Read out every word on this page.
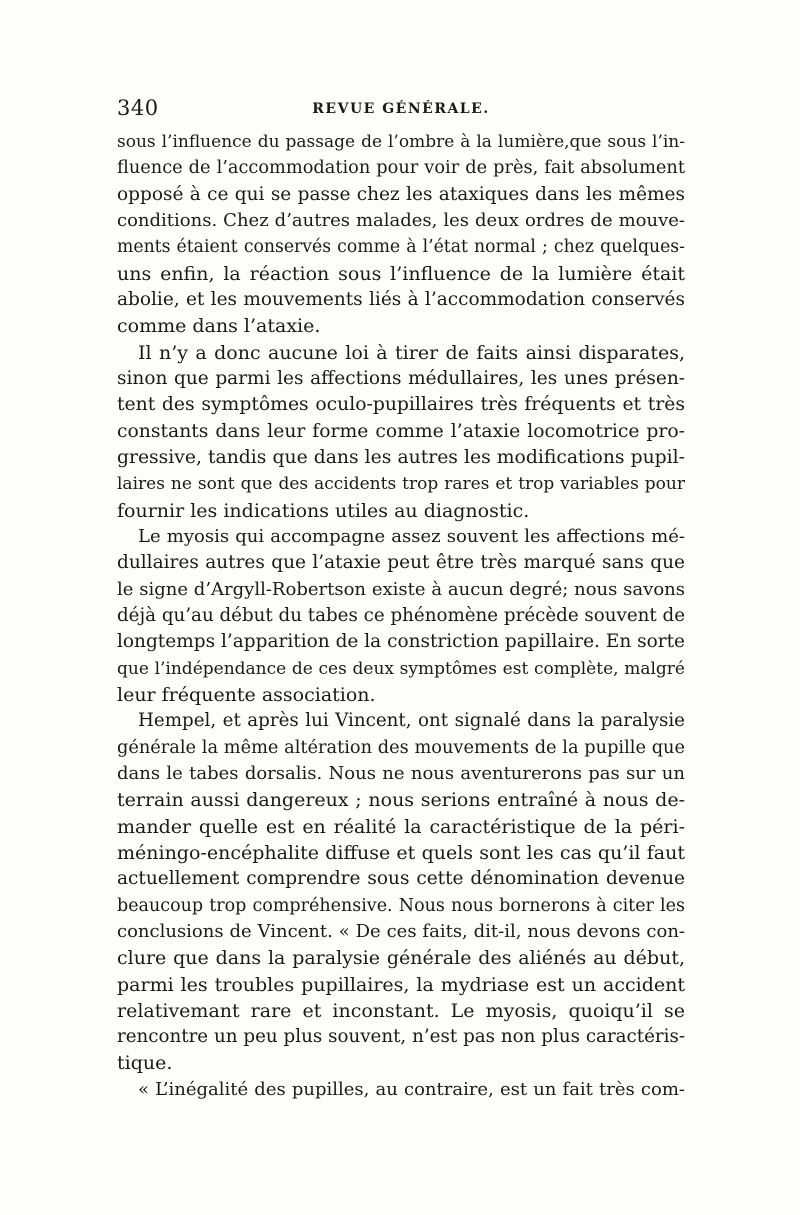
340	REVUE GÉNÉRALE.
sous l’influence du passage de l’ombre à la lumière,que sous l’in-
fluence de l’accommodation pour voir de près, fait absolument
opposé à ce qui se passe chez les ataxiques dans les mêmes
conditions. Chez d’autres malades, les deux ordres de mouve-
ments étaient conservés comme à l’état normal ; chez quelques-
uns enfin, la réaction sous l’influence de la lumière était
abolie, et les mouvements liés à l’accommodation conservés
comme dans l’ataxie.
Il n’y a donc aucune loi à tirer de faits ainsi disparates,
sinon que parmi les affections médullaires, les unes présen-
tent des symptômes oculo-pupillaires très fréquents et très
constants dans leur forme comme l’ataxie locomotrice pro-
gressive, tandis que dans les autres les modifications pupil-
laires ne sont que des accidents trop rares et trop variables pour
fournir les indications utiles au diagnostic.
Le myosis qui accompagne assez souvent les affections mé-
dullaires autres que l’ataxie peut être très marqué sans que
le signe d’Argyll-Robertson existe à aucun degré; nous savons
déjà qu’au début du tabes ce phénomène précède souvent de
longtemps l’apparition de la constriction papillaire. En sorte
que l’indépendance de ces deux symptômes est complète, malgré
leur fréquente association.
Hempel, et après lui Vincent, ont signalé dans la paralysie
générale la même altération des mouvements de la pupille que
dans le tabes dorsalis. Nous ne nous aventurerons pas sur un
terrain aussi dangereux ; nous serions entraîné à nous de-
mander quelle est en réalité la caractéristique de la péri-
méningo-encéphalite diffuse et quels sont les cas qu’il faut
actuellement comprendre sous cette dénomination devenue
beaucoup trop compréhensive. Nous nous bornerons à citer les
conclusions de Vincent. « De ces faits, dit-il, nous devons con-
clure que dans la paralysie générale des aliénés au début,
parmi les troubles pupillaires, la mydriase est un accident
relativemant rare et inconstant. Le myosis, quoiqu’il se
rencontre un peu plus souvent, n’est pas non plus caractéris-
tique.
« L’inégalité des pupilles, au contraire, est un fait très com-
